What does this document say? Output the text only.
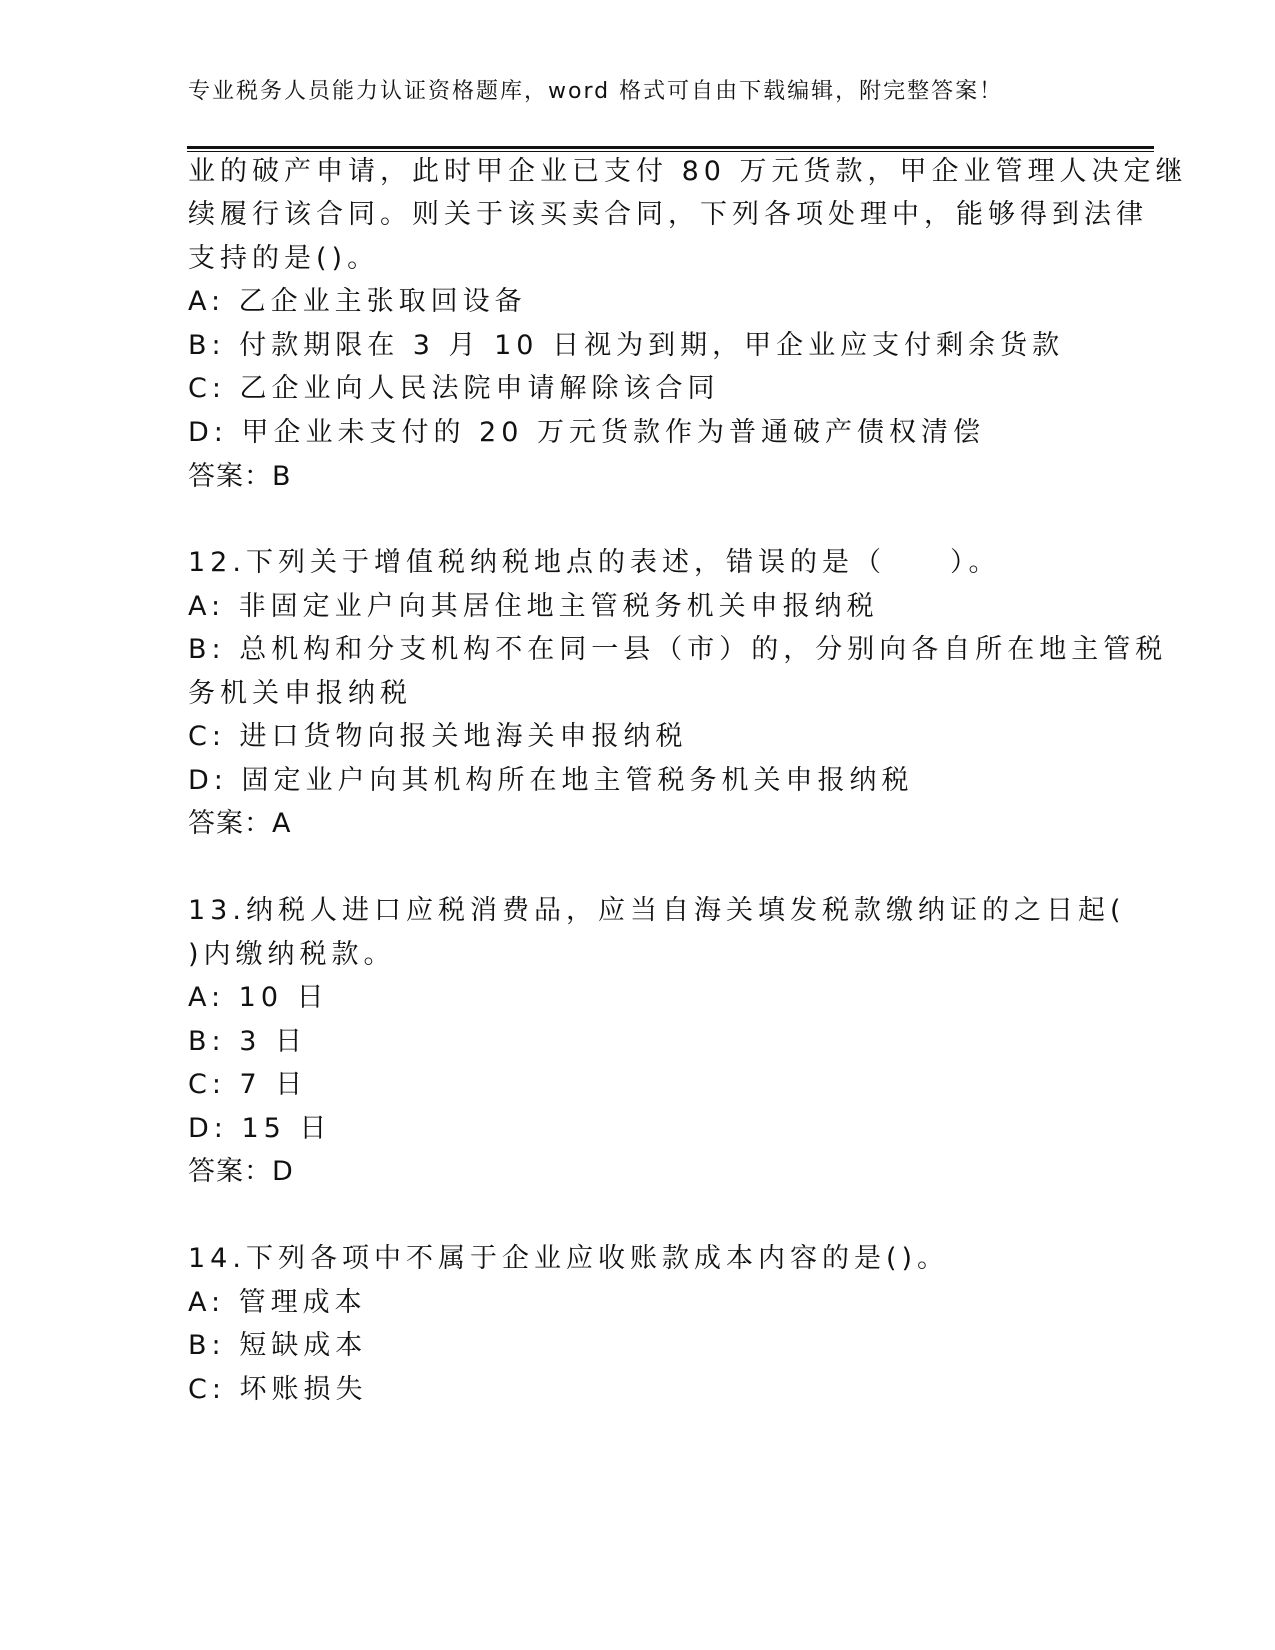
专业税务人员能力认证资格题库，word 格式可自由下载编辑，附完整答案！
业的破产申请，此时甲企业已支付 80 万元货款，甲企业管理人决定继
续履行该合同。则关于该买卖合同，下列各项处理中，能够得到法律
支持的是()。
A: 乙企业主张取回设备
B: 付款期限在 3 月 10 日视为到期，甲企业应支付剩余货款
C: 乙企业向人民法院申请解除该合同
D: 甲企业未支付的 20 万元货款作为普通破产债权清偿
答案：B
12.下列关于增值税纳税地点的表述，错误的是（　　）。
A: 非固定业户向其居住地主管税务机关申报纳税
B: 总机构和分支机构不在同一县（市）的，分别向各自所在地主管税
务机关申报纳税
C: 进口货物向报关地海关申报纳税
D: 固定业户向其机构所在地主管税务机关申报纳税
答案：A
13.纳税人进口应税消费品，应当自海关填发税款缴纳证的之日起(
)内缴纳税款。
A: 10 日
B: 3 日
C: 7 日
D: 15 日
答案：D
14.下列各项中不属于企业应收账款成本内容的是()。
A: 管理成本
B: 短缺成本
C: 坏账损失
